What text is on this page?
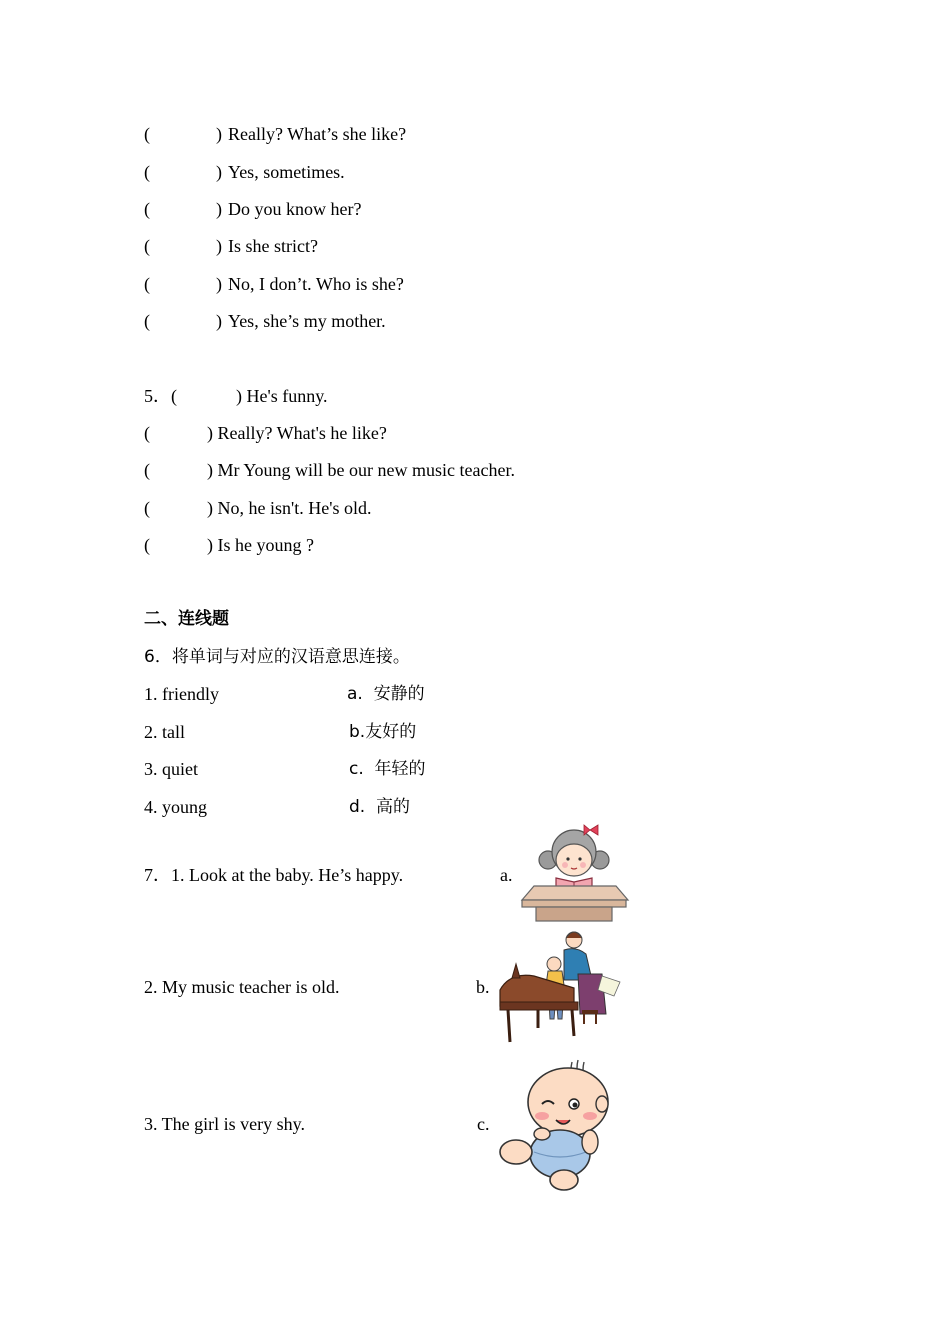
(	) Really? What’s she like?
(	) Yes, sometimes.
(	) Do you know her?
(	) Is she strict?
(	) No, I don’t. Who is she?
(	) Yes, she’s my mother.
5．(	) He's funny.
(	) Really? What's he like?
(	) Mr Young will be our new music teacher.
(	) No, he isn't. He's old.
(	) Is he young ?
二、连线题
6．将单词与对应的汉语意思连接。
1. friendly	a.  安静的
2. tall	b.友好的
3. quiet	c.  年轻的
4. young	d.  高的
7．1. Look at the baby. He’s happy.	a.
2. My music teacher is old.	b.
3. The girl is very shy.	c.
